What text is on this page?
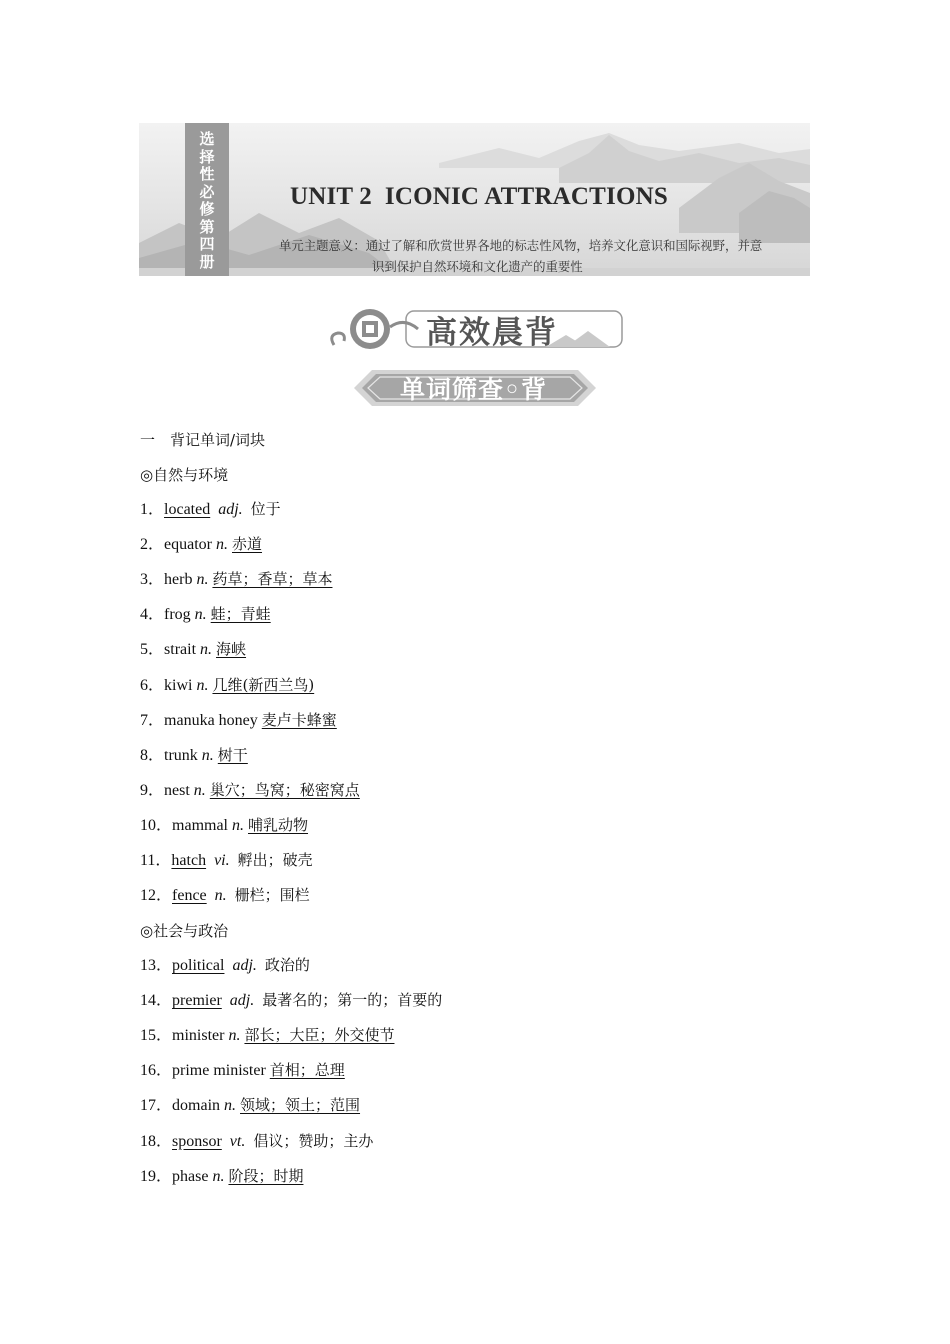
选择性必修第四册
UNIT 2  ICONIC ATTRACTIONS
单元主题意义：通过了解和欣赏世界各地的标志性风物，培养文化意识和国际视野，并意
识到保护自然环境和文化遗产的重要性
高效晨背
单词筛查◦背
一　背记单词/词块
◎自然与环境
1．located adj. 位于
2．equator n. 赤道
3．herb n. 药草；香草；草本
4．frog n. 蛙；青蛙
5．strait n. 海峡
6．kiwi n. 几维(新西兰鸟)
7．manuka honey 麦卢卡蜂蜜
8．trunk n. 树干
9．nest n. 巢穴；鸟窝；秘密窝点
10．mammal n. 哺乳动物
11．hatch vi. 孵出；破壳
12．fence n. 栅栏；围栏
◎社会与政治
13．political adj. 政治的
14．premier adj. 最著名的；第一的；首要的
15．minister n. 部长；大臣；外交使节
16．prime minister 首相；总理
17．domain n. 领域；领土；范围
18．sponsor vt. 倡议；赞助；主办
19．phase n. 阶段；时期
